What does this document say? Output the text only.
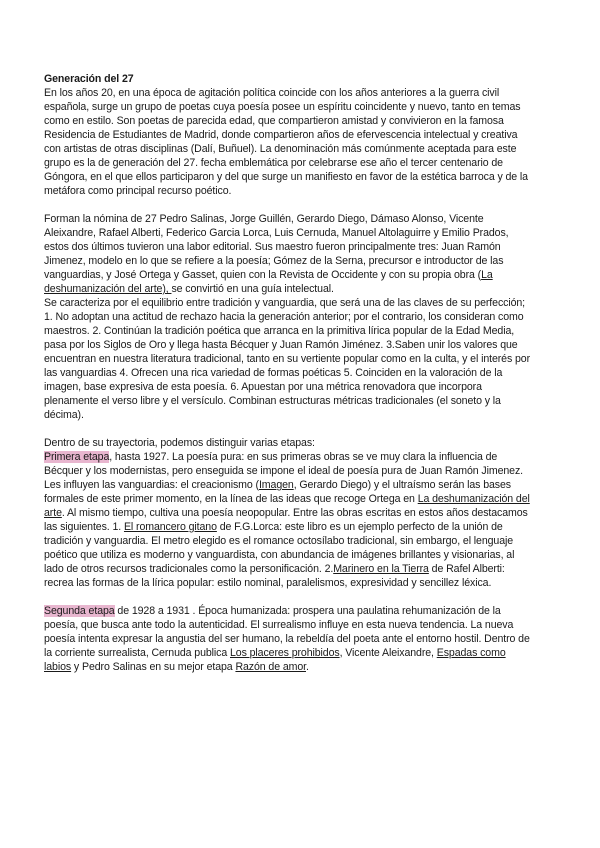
Generación del 27

En los años 20, en una época de agitación política coincide con los años anteriores a la guerra civil española, surge un grupo de poetas cuya poesía posee un espíritu coincidente y nuevo, tanto en temas como en estilo. Son poetas de parecida edad, que compartieron amistad y convivieron en la famosa Residencia de Estudiantes de Madrid, donde compartieron años de efervescencia intelectual y creativa con artistas de otras disciplinas (Dalí, Buñuel). La denominación más comúnmente aceptada para este grupo es la de generación del 27. fecha emblemática por celebrarse ese año el tercer centenario de Góngora, en el que ellos participaron y del que surge un manifiesto en favor de la estética barroca y de la metáfora como principal recurso poético.

Forman la nómina de 27 Pedro Salinas, Jorge Guillén, Gerardo Diego, Dámaso Alonso, Vicente Aleixandre, Rafael Alberti, Federico Garcia Lorca, Luis Cernuda, Manuel Altolaguirre y Emilio Prados, estos dos últimos tuvieron una labor editorial. Sus maestro fueron principalmente tres: Juan Ramón Jimenez, modelo en lo que se refiere a la poesía; Gómez de la Serna, precursor e introductor de las vanguardias, y José Ortega y Gasset, quien con la Revista de Occidente y con su propia obra (La deshumanización del arte), se convirtió en una guía intelectual.

Se caracteriza por el equilibrio entre tradición y vanguardia, que será una de las claves de su perfección; 1. No adoptan una actitud de rechazo hacia la generación anterior; por el contrario, los consideran como maestros. 2. Continúan la tradición poética que arranca en la primitiva lírica popular de la Edad Media, pasa por los Siglos de Oro y llega hasta Bécquer y Juan Ramón Jiménez. 3.Saben unir los valores que encuentran en nuestra literatura tradicional, tanto en su vertiente popular como en la culta, y el interés por las vanguardias 4. Ofrecen una rica variedad de formas poéticas 5. Coinciden en la valoración de la imagen, base expresiva de esta poesía. 6. Apuestan por una métrica renovadora que incorpora plenamente el verso libre y el versículo. Combinan estructuras métricas tradicionales (el soneto y la décima).

Dentro de su trayectoria, podemos distinguir varias etapas:

Primera etapa, hasta 1927. La poesía pura: en sus primeras obras se ve muy clara la influencia de Bécquer y los modernistas, pero enseguida se impone el ideal de poesía pura de Juan Ramón Jimenez. Les influyen las vanguardias: el creacionismo (Imagen, Gerardo Diego) y el ultraísmo serán las bases formales de este primer momento, en la línea de las ideas que recoge Ortega en La deshumanización del arte. Al mismo tiempo, cultiva una poesía neopopular. Entre las obras escritas en estos años destacamos las siguientes. 1. El romancero gitano de F.G.Lorca: este libro es un ejemplo perfecto de la unión de tradición y vanguardia. El metro elegido es el romance octosílabo tradicional, sin embargo, el lenguaje poético que utiliza es moderno y vanguardista, con abundancia de imágenes brillantes y visionarias, al lado de otros recursos tradicionales como la personificación. 2.Marinero en la Tierra de Rafel Alberti: recrea las formas de la lírica popular: estilo nominal, paralelismos, expresividad y sencillez léxica.

Segunda etapa de 1928 a 1931 . Época humanizada: prospera una paulatina rehumanización de la poesía, que busca ante todo la autenticidad. El surrealismo influye en esta nueva tendencia. La nueva poesía intenta expresar la angustia del ser humano, la rebeldía del poeta ante el entorno hostil. Dentro de la corriente surrealista, Cernuda publica Los placeres prohibidos, Vicente Aleixandre, Espadas como labios y Pedro Salinas en su mejor etapa Razón de amor.
